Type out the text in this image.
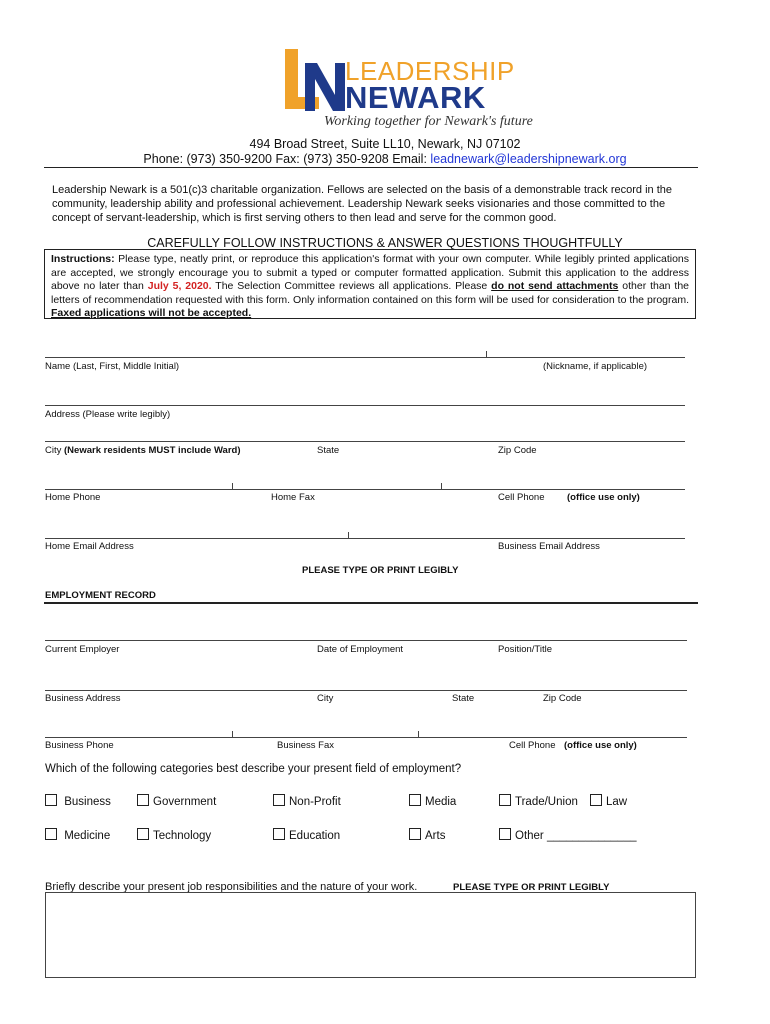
LEADERSHIP
NEWARK
Working together for Newark's future
494 Broad Street, Suite LL10, Newark, NJ 07102
Phone: (973) 350-9200 Fax: (973) 350-9208 Email: leadnewark@leadershipnewark.org
Leadership Newark is a 501(c)3 charitable organization. Fellows are selected on the basis of a demonstrable track record in the community, leadership ability and professional achievement. Leadership Newark seeks visionaries and those committed to the concept of servant-leadership, which is first serving others to then lead and serve for the common good.
CAREFULLY FOLLOW INSTRUCTIONS & ANSWER QUESTIONS THOUGHTFULLY
Instructions: Please type, neatly print, or reproduce this application's format with your own computer. While legibly printed applications are accepted, we strongly encourage you to submit a typed or computer formatted application. Submit this application to the address above no later than July 5, 2020. The Selection Committee reviews all applications. Please do not send attachments other than the letters of recommendation requested with this form. Only information contained on this form will be used for consideration to the program. Faxed applications will not be accepted.
Name (Last, First, Middle Initial)	(Nickname, if applicable)
Address (Please write legibly)
City (Newark residents MUST include Ward)	State	Zip Code
Home Phone	Home Fax	Cell Phone (office use only)
Home Email Address	Business Email Address
PLEASE TYPE OR PRINT LEGIBLY
EMPLOYMENT RECORD
Current Employer	Date of Employment	Position/Title
Business Address	City	State	Zip Code
Business Phone	Business Fax	Cell Phone (office use only)
Which of the following categories best describe your present field of employment?
Business	Government	Non-Profit	Media	Trade/Union	Law
Medicine	Technology	Education	Arts	Other ______________
Briefly describe your present job responsibilities and the nature of your work.	PLEASE TYPE OR PRINT LEGIBLY
